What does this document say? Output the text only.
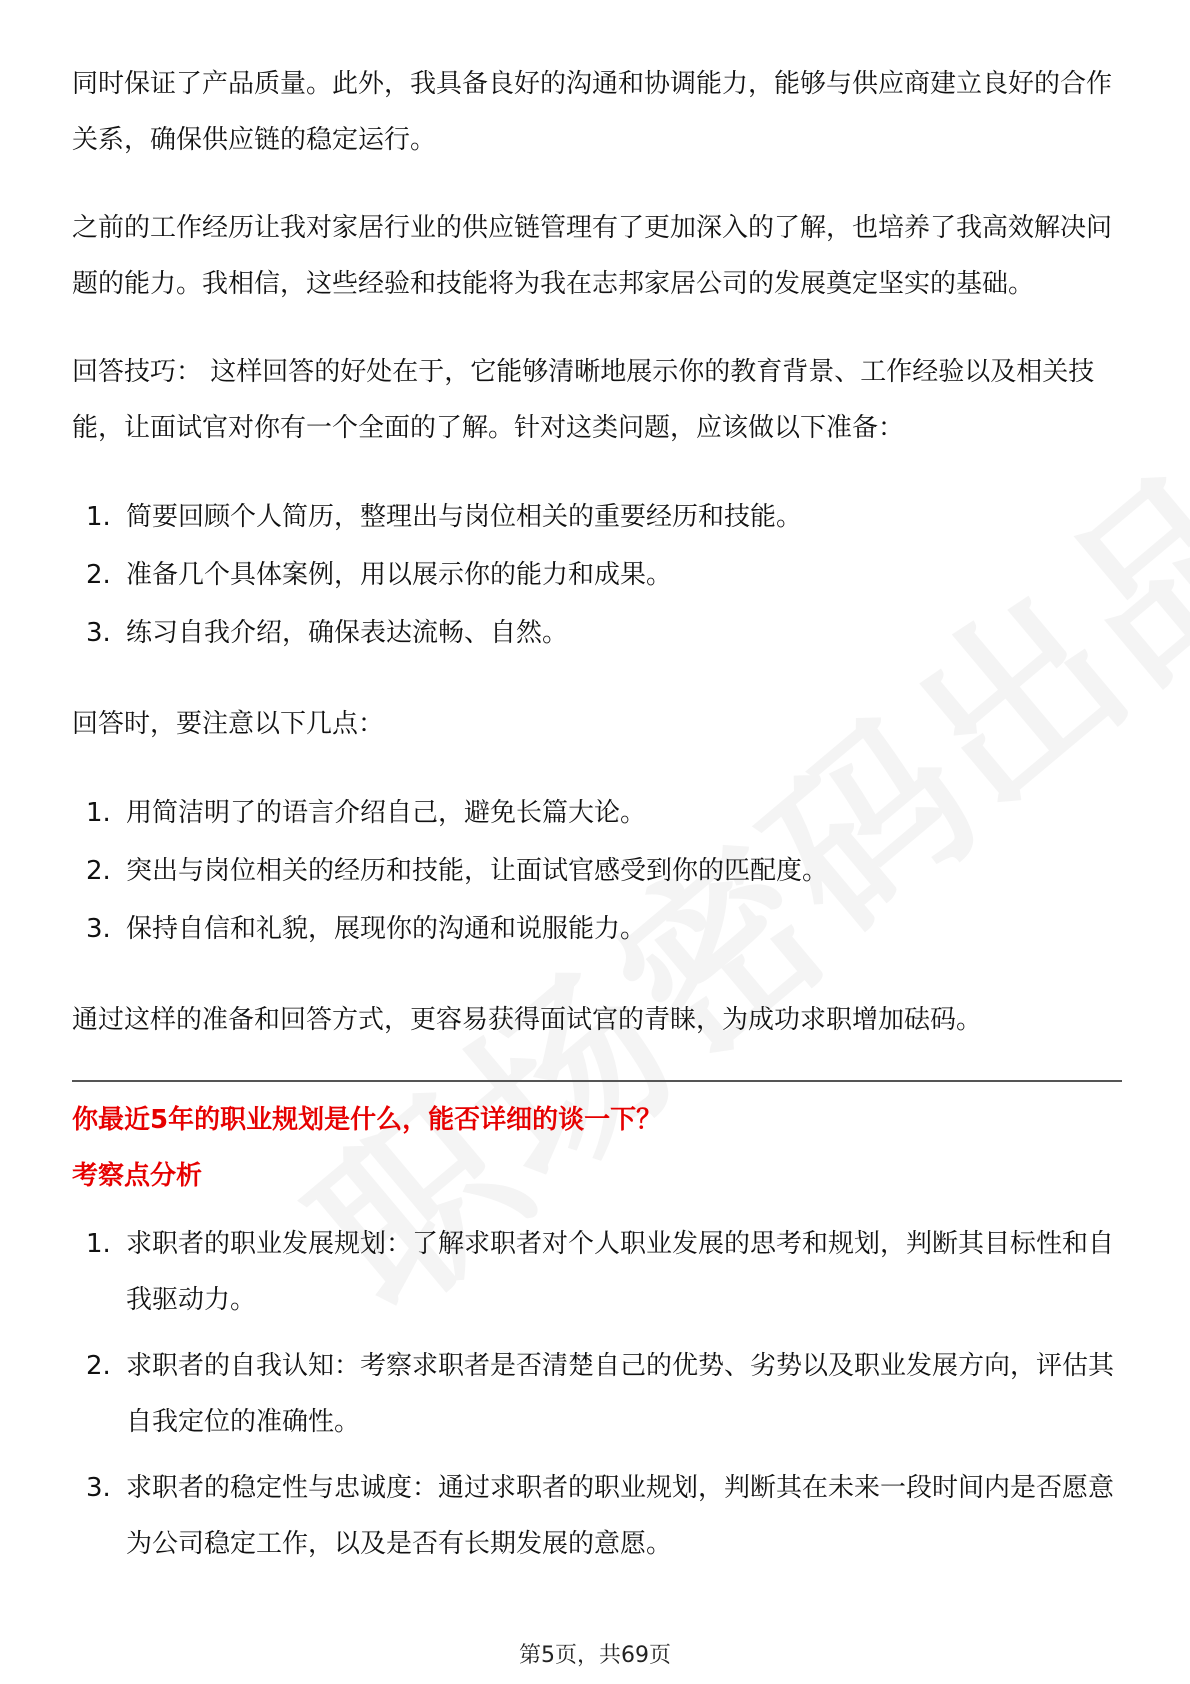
同时保证了产品质量。此外，我具备良好的沟通和协调能力，能够与供应商建立良好的合作关系，确保供应链的稳定运行。

之前的工作经历让我对家居行业的供应链管理有了更加深入的了解，也培养了我高效解决问题的能力。我相信，这些经验和技能将为我在志邦家居公司的发展奠定坚实的基础。

回答技巧： 这样回答的好处在于，它能够清晰地展示你的教育背景、工作经验以及相关技能，让面试官对你有一个全面的了解。针对这类问题，应该做以下准备：

1. 简要回顾个人简历，整理出与岗位相关的重要经历和技能。
2. 准备几个具体案例，用以展示你的能力和成果。
3. 练习自我介绍，确保表达流畅、自然。

回答时，要注意以下几点：

1. 用简洁明了的语言介绍自己，避免长篇大论。
2. 突出与岗位相关的经历和技能，让面试官感受到你的匹配度。
3. 保持自信和礼貌，展现你的沟通和说服能力。

通过这样的准备和回答方式，更容易获得面试官的青睐，为成功求职增加砝码。

你最近5年的职业规划是什么，能否详细的谈一下？
考察点分析
1. 求职者的职业发展规划：了解求职者对个人职业发展的思考和规划，判断其目标性和自我驱动力。
2. 求职者的自我认知：考察求职者是否清楚自己的优势、劣势以及职业发展方向，评估其自我定位的准确性。
3. 求职者的稳定性与忠诚度：通过求职者的职业规划，判断其在未来一段时间内是否愿意为公司稳定工作，以及是否有长期发展的意愿。
第5页，共69页
